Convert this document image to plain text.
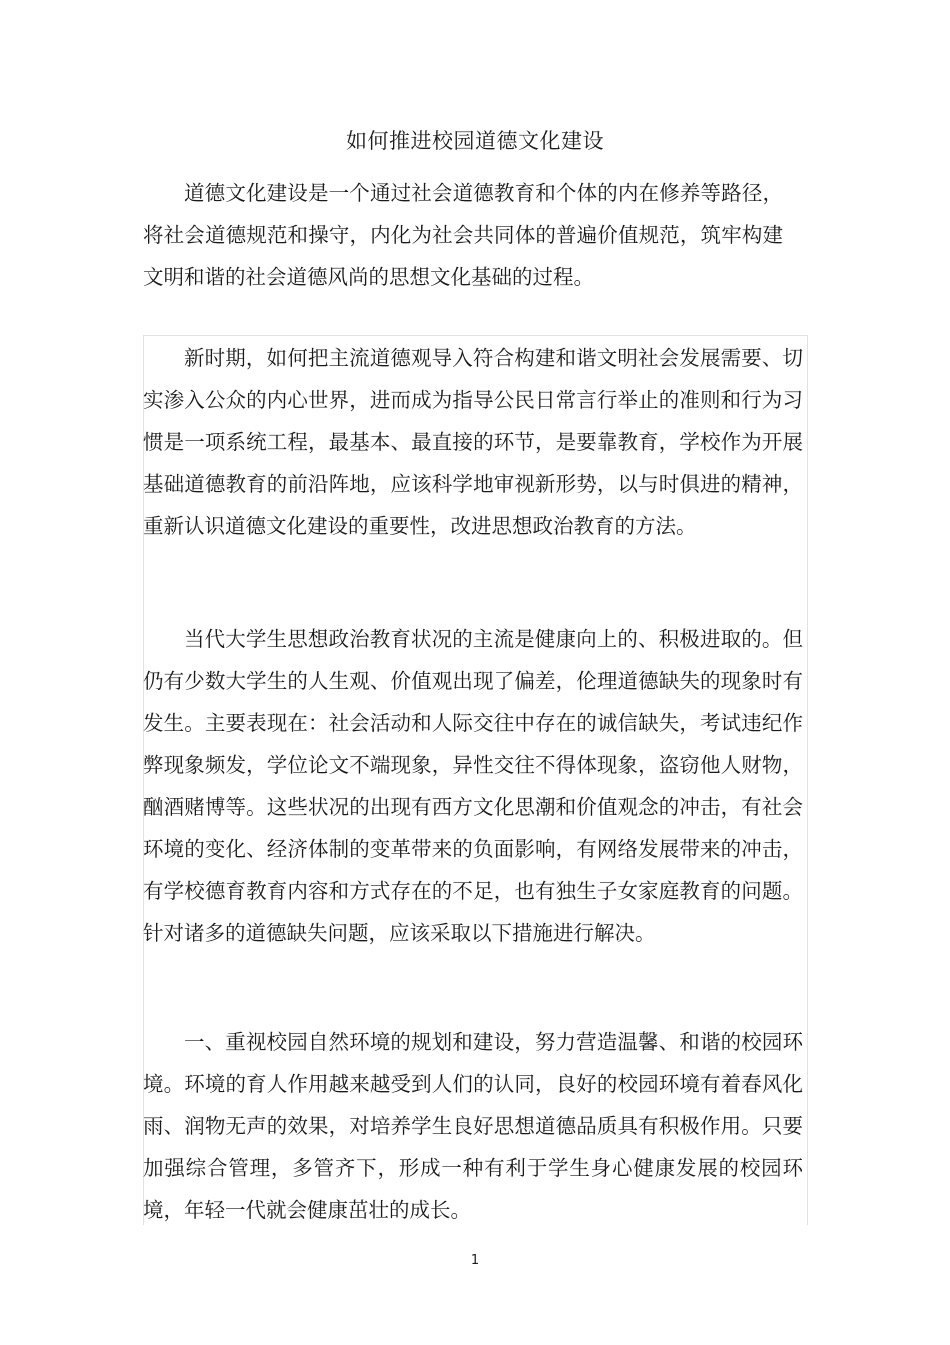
如何推进校园道德文化建设

道德文化建设是一个通过社会道德教育和个体的内在修养等路径，将社会道德规范和操守，内化为社会共同体的普遍价值规范，筑牢构建文明和谐的社会道德风尚的思想文化基础的过程。

新时期，如何把主流道德观导入符合构建和谐文明社会发展需要、切实渗入公众的内心世界，进而成为指导公民日常言行举止的准则和行为习惯是一项系统工程，最基本、最直接的环节，是要靠教育，学校作为开展基础道德教育的前沿阵地，应该科学地审视新形势，以与时俱进的精神，重新认识道德文化建设的重要性，改进思想政治教育的方法。

当代大学生思想政治教育状况的主流是健康向上的、积极进取的。但仍有少数大学生的人生观、价值观出现了偏差，伦理道德缺失的现象时有发生。主要表现在：社会活动和人际交往中存在的诚信缺失，考试违纪作弊现象频发，学位论文不端现象，异性交往不得体现象，盗窃他人财物，酗酒赌博等。这些状况的出现有西方文化思潮和价值观念的冲击，有社会环境的变化、经济体制的变革带来的负面影响，有网络发展带来的冲击，有学校德育教育内容和方式存在的不足，也有独生子女家庭教育的问题。针对诸多的道德缺失问题，应该采取以下措施进行解决。

一、重视校园自然环境的规划和建设，努力营造温馨、和谐的校园环境。环境的育人作用越来越受到人们的认同，良好的校园环境有着春风化雨、润物无声的效果，对培养学生良好思想道德品质具有积极作用。只要加强综合管理，多管齐下，形成一种有利于学生身心健康发展的校园环境，年轻一代就会健康茁壮的成长。

1
